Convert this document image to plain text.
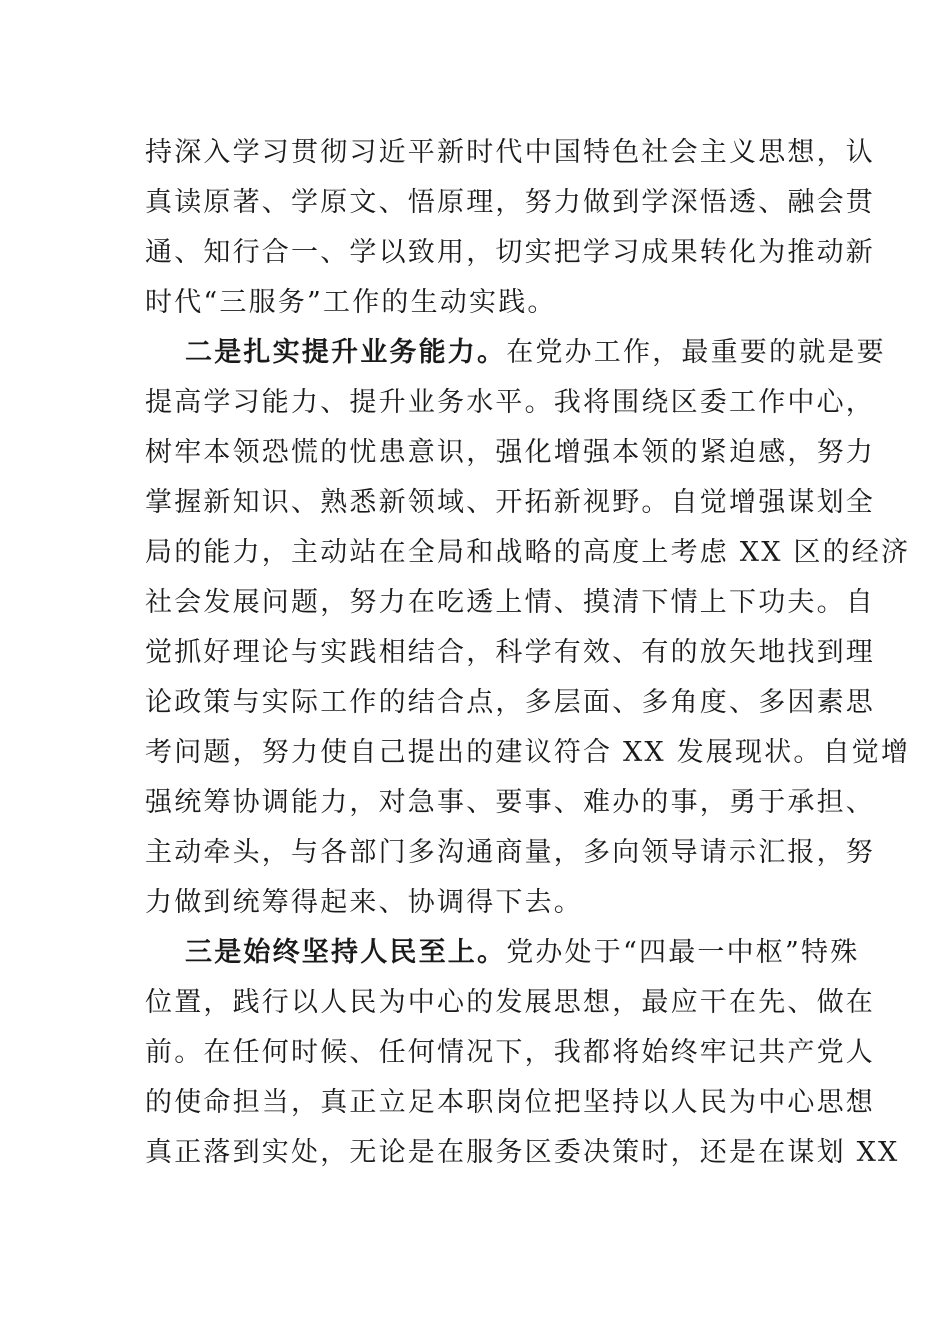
持深入学习贯彻习近平新时代中国特色社会主义思想，认
真读原著、学原文、悟原理，努力做到学深悟透、融会贯
通、知行合一、学以致用，切实把学习成果转化为推动新
时代“三服务”工作的生动实践。
二是扎实提升业务能力。 在党办工作，最重要的就是要
提高学习能力、提升业务水平。我将围绕区委工作中心，
树牢本领恐慌的忧患意识，强化增强本领的紧迫感，努力
掌握新知识、熟悉新领域、开拓新视野。自觉增强谋划全
局的能力，主动站在全局和战略的高度上考虑 XX 区的经济
社会发展问题，努力在吃透上情、摸清下情上下功夫。自
觉抓好理论与实践相结合，科学有效、有的放矢地找到理
论政策与实际工作的结合点，多层面、多角度、多因素思
考问题，努力使自己提出的建议符合 XX 发展现状。自觉增
强统筹协调能力，对急事、要事、难办的事，勇于承担、
主动牵头，与各部门多沟通商量，多向领导请示汇报，努
力做到统筹得起来、协调得下去。
三是始终坚持人民至上。 党办处于“四最一中枢”特殊
位置，践行以人民为中心的发展思想，最应干在先、做在
前。在任何时候、任何情况下，我都将始终牢记共产党人
的使命担当，真正立足本职岗位把坚持以人民为中心思想
真正落到实处，无论是在服务区委决策时，还是在谋划 XX
